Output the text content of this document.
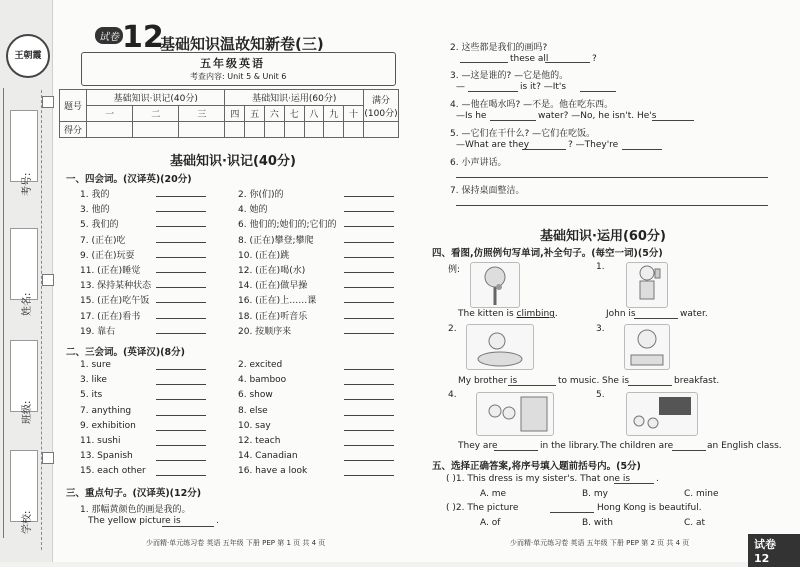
王朝霞
考号:
姓名:
班级:
学校:
试卷 12
基础知识温故知新卷(三)
五年级英语
考查内容: Unit 5 & Unit 6
题号	基础知识·识记(40分)			基础知识·运用(60分)							满分
(100分)
	一	二	三	四	五	六	七	八	九	十	
得分											
基础知识·识记(40分)
一、四会词。(汉译英)(20分)
1. 我的	2. 你(们)的
3. 他的	4. 她的
5. 我们的	6. 他们的;她们的;它们的
7. (正在)吃	8. (正在)攀登;攀爬
9. (正在)玩耍	10. (正在)跳
11. (正在)睡觉	12. (正在)喝(水)
13. 保持某种状态	14. (正在)做早操
15. (正在)吃午饭	16. (正在)上……课
17. (正在)看书	18. (正在)听音乐
19. 靠右	20. 按顺序来
二、三会词。(英译汉)(8分)
1. sure	2. excited
3. like	4. bamboo
5. its	6. show
7. anything	8. else
9. exhibition	10. say
11. sushi	12. teach
13. Spanish	14. Canadian
15. each other	16. have a look
三、重点句子。(汉译英)(12分)
1. 那幅黄颜色的画是我的。
The yellow picture is	.
少而精·单元练习卷 英语 五年级 下册 PEP 第 1 页 共 4 页
2. 这些都是我们的画吗?
these all	?
3. —这是谁的? —它是他的。
—	is it? —It's
4. —他在喝水吗? —不是。他在吃东西。
—Is he	water? —No, he isn't. He's
5. —它们在干什么? —它们在吃饭。
—What are they	? —They're
6. 小声讲话。
7. 保持桌面整洁。
基础知识·运用(60分)
四、看图,仿照例句写单词,补全句子。(每空一词)(5分)
例:	1.
The kitten is climbing.	John is	water.
2.	3.
My brother is	to music. She is	breakfast.
4.	5.
They are	in the library. The children are	an English class.
五、选择正确答案,将序号填入题前括号内。(5分)
( )1. This dress is my sister's. That one is	.
A. me	B. my	C. mine
( )2. The picture	Hong Kong is beautiful.
A. of	B. with	C. at
少而精·单元练习卷 英语 五年级 下册 PEP 第 2 页 共 4 页	试卷 12
